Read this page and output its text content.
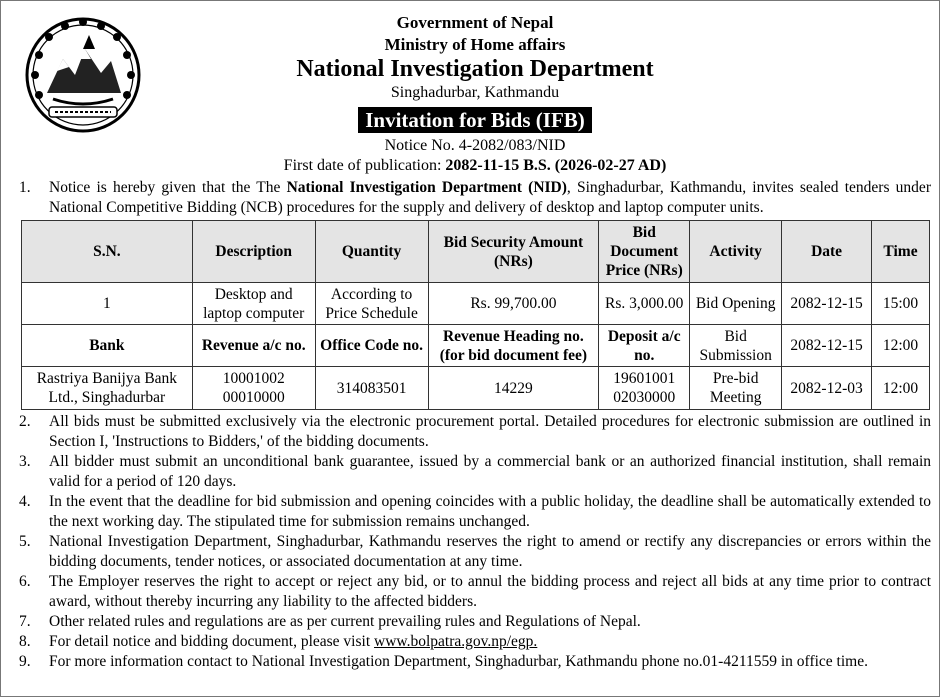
Government of Nepal
Ministry of Home affairs
National Investigation Department
Singhadurbar, Kathmandu
Invitation for Bids (IFB)
Notice No. 4-2082/083/NID
First date of publication: 2082-11-15 B.S. (2026-02-27 AD)
1. Notice is hereby given that the The National Investigation Department (NID), Singhadurbar, Kathmandu, invites sealed tenders under National Competitive Bidding (NCB) procedures for the supply and delivery of desktop and laptop computer units.
S.N.	Description	Quantity	Bid Security Amount (NRs)	Bid Document Price (NRs)	Activity	Date	Time
1	Desktop and laptop computer	According to Price Schedule	Rs. 99,700.00	Rs. 3,000.00	Bid Opening	2082-12-15	15:00
Bank	Revenue a/c no.	Office Code no.	Revenue Heading no. (for bid document fee)	Deposit a/c no.	Bid Submission	2082-12-15	12:00
Rastriya Banijya Bank Ltd., Singhadurbar	10001002 00010000	314083501	14229	19601001 02030000	Pre-bid Meeting	2082-12-03	12:00
2. All bids must be submitted exclusively via the electronic procurement portal. Detailed procedures for electronic submission are outlined in Section I, 'Instructions to Bidders,' of the bidding documents.
3. All bidder must submit an unconditional bank guarantee, issued by a commercial bank or an authorized financial institution, shall remain valid for a period of 120 days.
4. In the event that the deadline for bid submission and opening coincides with a public holiday, the deadline shall be automatically extended to the next working day. The stipulated time for submission remains unchanged.
5. National Investigation Department, Singhadurbar, Kathmandu reserves the right to amend or rectify any discrepancies or errors within the bidding documents, tender notices, or associated documentation at any time.
6. The Employer reserves the right to accept or reject any bid, or to annul the bidding process and reject all bids at any time prior to contract award, without thereby incurring any liability to the affected bidders.
7. Other related rules and regulations are as per current prevailing rules and Regulations of Nepal.
8. For detail notice and bidding document, please visit www.bolpatra.gov.np/egp.
9. For more information contact to National Investigation Department, Singhadurbar, Kathmandu phone no.01-4211559 in office time.
